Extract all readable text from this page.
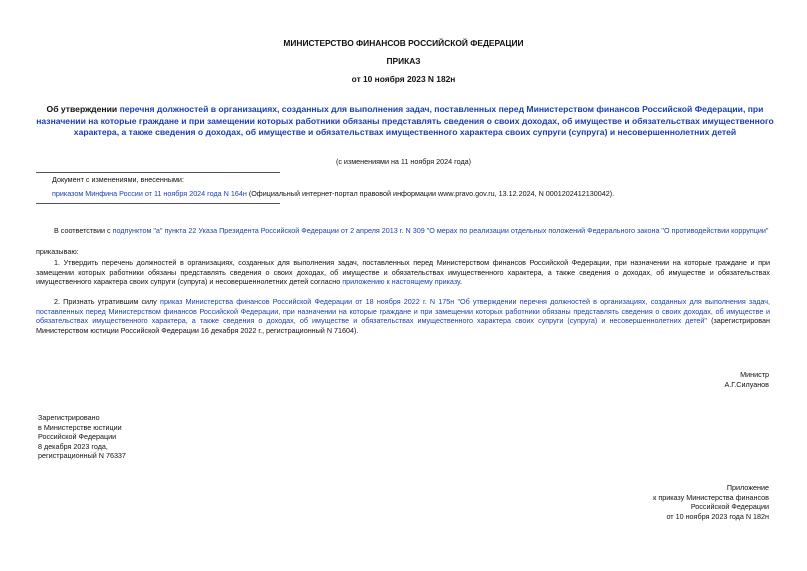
МИНИСТЕРСТВО ФИНАНСОВ РОССИЙСКОЙ ФЕДЕРАЦИИ
ПРИКАЗ
от 10 ноября 2023 N 182н
Об утверждении перечня должностей в организациях, созданных для выполнения задач, поставленных перед Министерством финансов Российской Федерации, при назначении на которые граждане и при замещении которых работники обязаны представлять сведения о своих доходах, об имуществе и обязательствах имущественного характера, а также сведения о доходах, об имуществе и обязательствах имущественного характера своих супруги (супруга) и несовершеннолетних детей
(с изменениями на 11 ноября 2024 года)
Документ с изменениями, внесенными:
приказом Минфина России от 11 ноября 2024 года N 164н (Официальный интернет-портал правовой информации www.pravo.gov.ru, 13.12.2024, N 0001202412130042).
В соответствии с подпунктом "а" пункта 22 Указа Президента Российской Федерации от 2 апреля 2013 г. N 309 "О мерах по реализации отдельных положений Федерального закона "О противодействии коррупции"
приказываю:
1. Утвердить перечень должностей в организациях, созданных для выполнения задач, поставленных перед Министерством финансов Российской Федерации, при назначении на которые граждане и при замещении которых работники обязаны представлять сведения о своих доходах, об имуществе и обязательствах имущественного характера, а также сведения о доходах, об имуществе и обязательствах имущественного характера своих супруги (супруга) и несовершеннолетних детей согласно приложению к настоящему приказу.
2. Признать утратившим силу приказ Министерства финансов Российской Федерации от 18 ноября 2022 г. N 175н "Об утверждении перечня должностей в организациях, созданных для выполнения задач, поставленных перед Министерством финансов Российской Федерации, при назначении на которые граждане и при замещении которых работники обязаны представлять сведения о своих доходах, об имуществе и обязательствах имущественного характера, а также сведения о доходах, об имуществе и обязательствах имущественного характера своих супруги (супруга) и несовершеннолетних детей" (зарегистрирован Министерством юстиции Российской Федерации 16 декабря 2022 г., регистрационный N 71604).
Министр
А.Г.Силуанов
Зарегистрировано
в Министерстве юстиции
Российской Федерации
8 декабря 2023 года,
регистрационный N 76337
Приложение
к приказу Министерства финансов
Российской Федерации
от 10 ноября 2023 года N 182н
